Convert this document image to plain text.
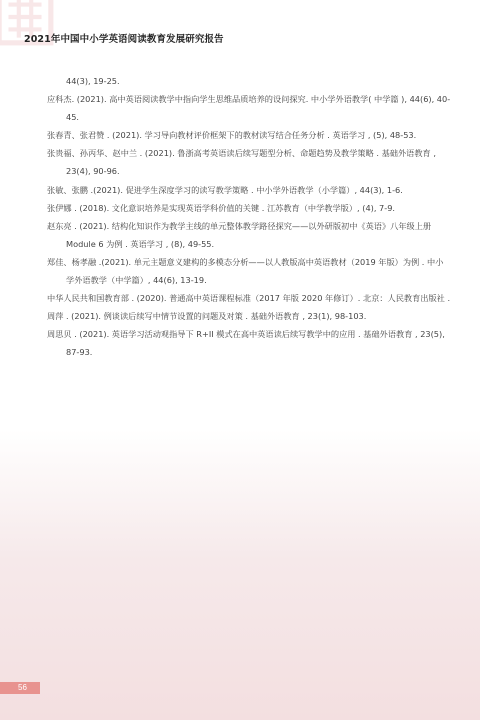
2021年中国中小学英语阅读教育发展研究报告

44(3), 19-25.

应科杰. (2021). 高中英语阅读教学中指向学生思维品质培养的设问探究. 中小学外语教学( 中学篇 ), 44(6), 40-45.

张春青、张君赞 . (2021). 学习导向教材评价框架下的教材读写结合任务分析 . 英语学习 , (5), 48-53.

张贵福、孙丙华、赵中兰 . (2021). 鲁浙高考英语读后续写题型分析、命题趋势及教学策略 . 基础外语教育 , 23(4), 90-96.

张敏、张鹏 .(2021). 促进学生深度学习的读写教学策略 . 中小学外语教学（小学篇）, 44(3), 1-6.

张伊娜 . (2018). 文化意识培养是实现英语学科价值的关键 . 江苏教育（中学教学版）, (4), 7-9.

赵东亮 . (2021). 结构化知识作为教学主线的单元整体教学路径探究——以外研版初中《英语》八年级上册 Module 6 为例 . 英语学习 , (8), 49-55.

郑佳、杨孝融 .(2021). 单元主题意义建构的多模态分析——以人教版高中英语教材（2019 年版）为例 . 中小学外语教学（中学篇）, 44(6), 13-19.

中华人民共和国教育部 . (2020). 普通高中英语课程标准（2017 年版 2020 年修订）. 北京：人民教育出版社 .

周萍 . (2021). 例谈读后续写中情节设置的问题及对策 . 基础外语教育 , 23(1), 98-103.

周思贝 . (2021). 英语学习活动观指导下 R+II 模式在高中英语读后续写教学中的应用 . 基础外语教育 , 23(5), 87-93.

56
